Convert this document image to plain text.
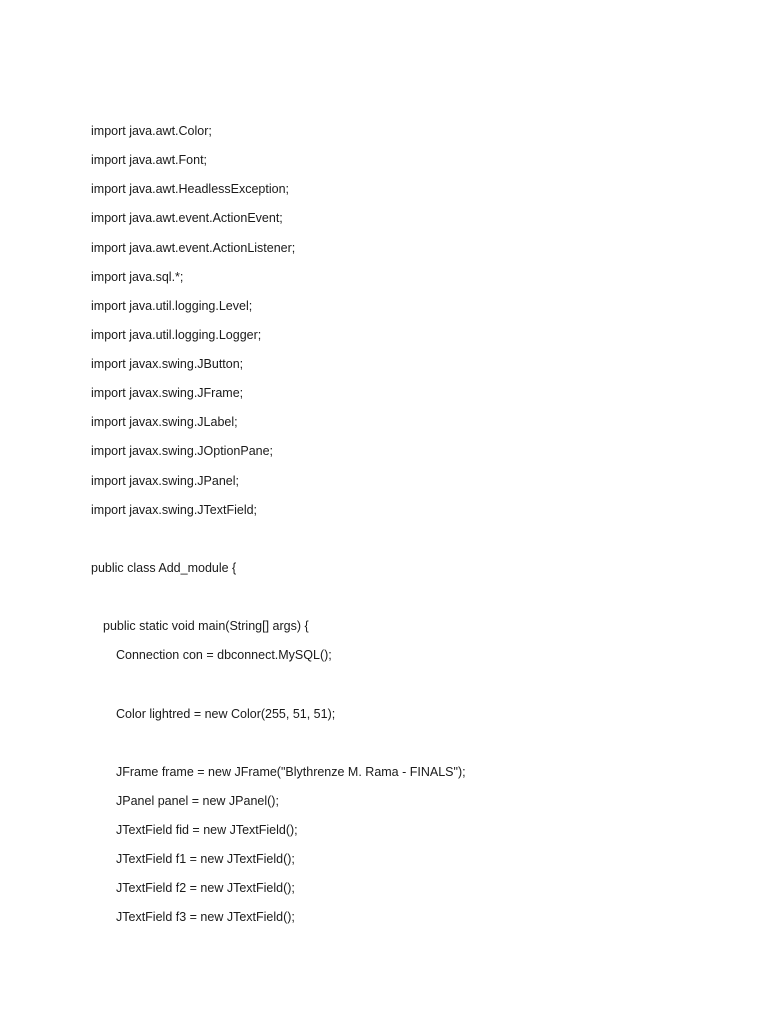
import java.awt.Color;
import java.awt.Font;
import java.awt.HeadlessException;
import java.awt.event.ActionEvent;
import java.awt.event.ActionListener;
import java.sql.*;
import java.util.logging.Level;
import java.util.logging.Logger;
import javax.swing.JButton;
import javax.swing.JFrame;
import javax.swing.JLabel;
import javax.swing.JOptionPane;
import javax.swing.JPanel;
import javax.swing.JTextField;
public class Add_module {
public static void main(String[] args) {
Connection con = dbconnect.MySQL();
Color lightred = new Color(255, 51, 51);
JFrame frame = new JFrame("Blythrenze M. Rama - FINALS");
JPanel panel = new JPanel();
JTextField fid = new JTextField();
JTextField f1 = new JTextField();
JTextField f2 = new JTextField();
JTextField f3 = new JTextField();
